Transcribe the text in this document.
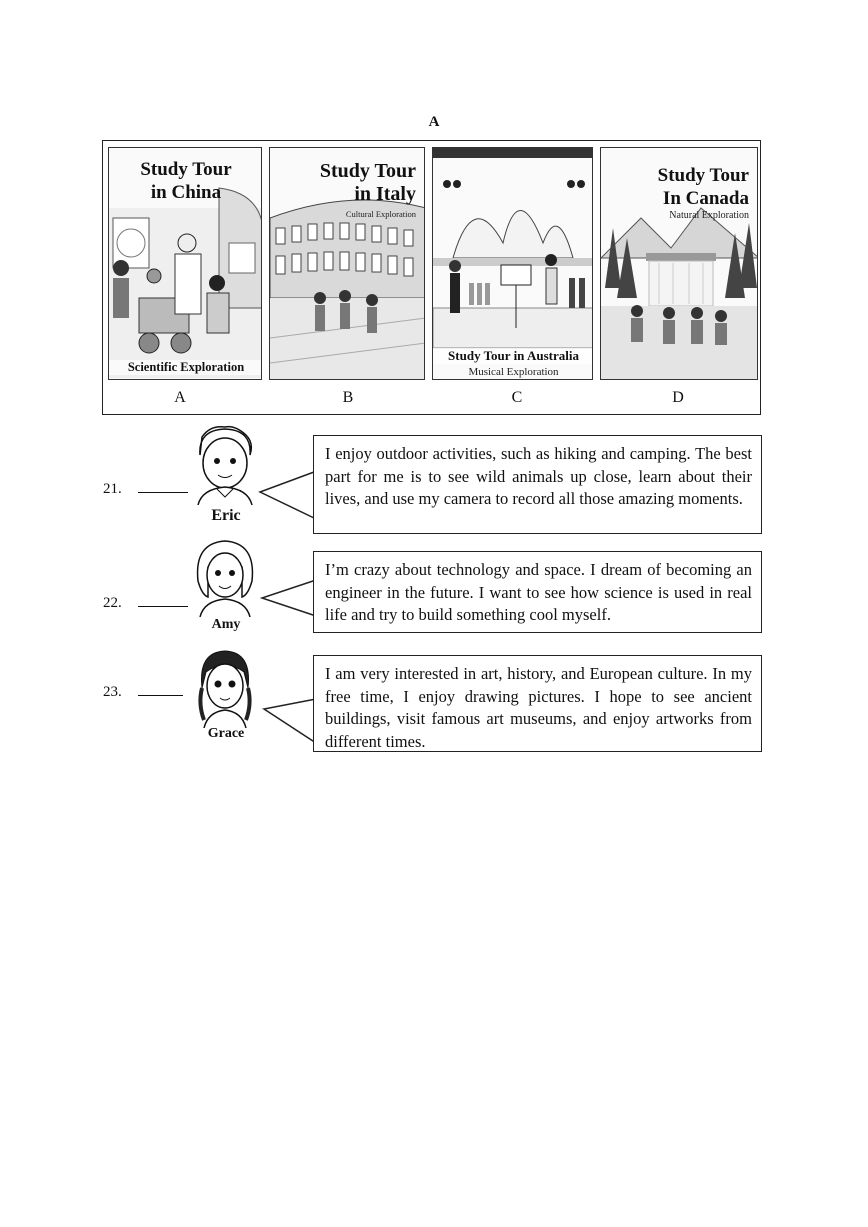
A
Study Tour
in China
Scientific Exploration
Study Tour
in Italy
Cultural Exploration
Study Tour in Australia
Musical Exploration
Study Tour
In Canada
Natural Exploration
A	B	C	D
21.
Eric
I enjoy outdoor activities, such as hiking and camping. The best part for me is to see wild animals up close, learn about their lives, and use my camera to record all those amazing moments.
22.
Amy
I’m crazy about technology and space. I dream of becoming an engineer in the future. I want to see how science is used in real life and try to build something cool myself.
23.
Grace
I am very interested in art, history, and European culture. In my free time, I enjoy drawing pictures. I hope to see ancient buildings, visit famous art museums, and enjoy artworks from different times.
